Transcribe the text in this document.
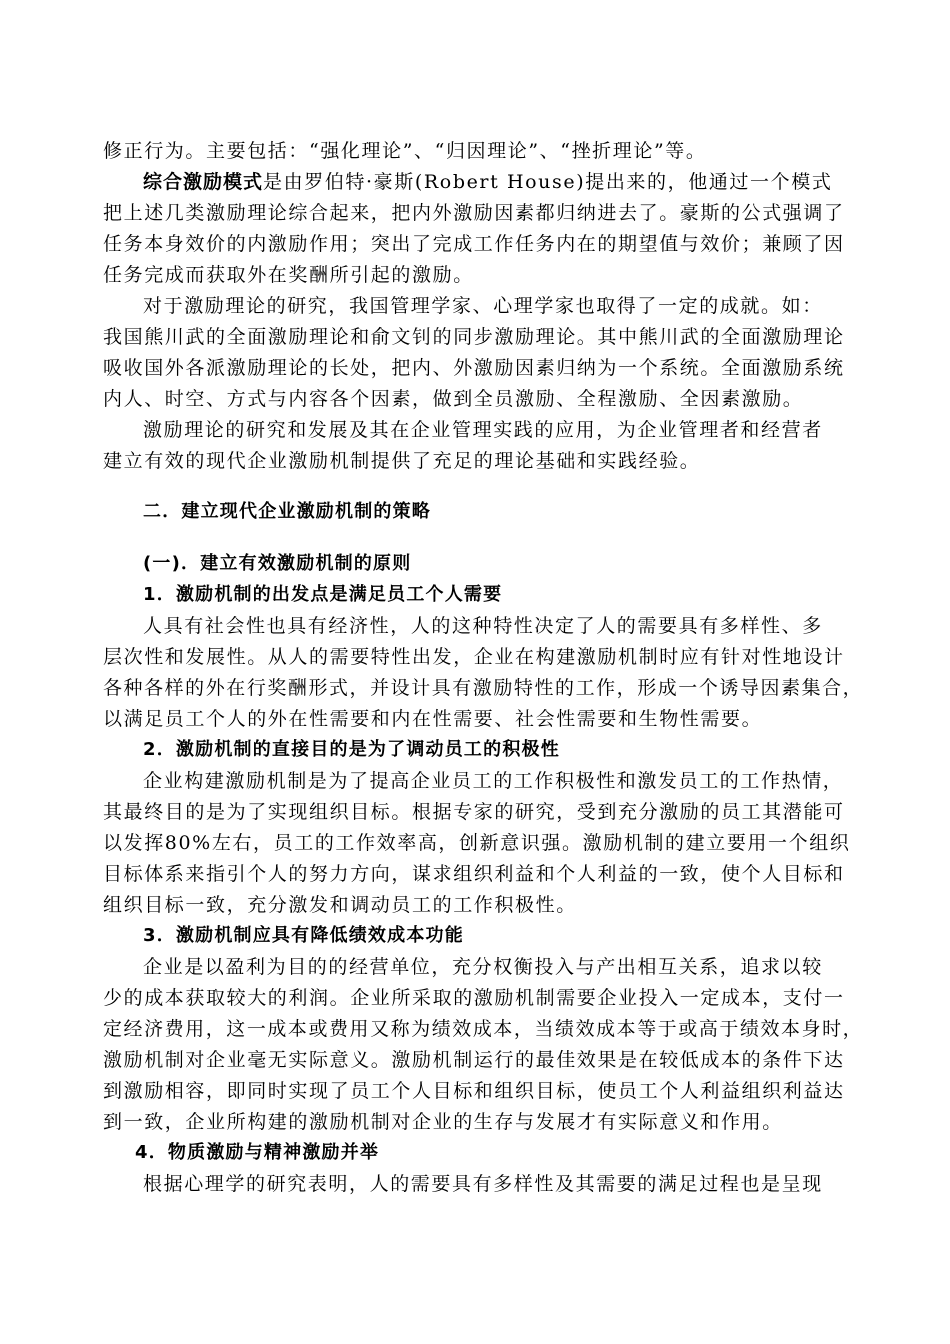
修正行为。主要包括：“强化理论”、“归因理论”、“挫折理论”等。
综合激励模式是由罗伯特·豪斯(Robert House)提出来的，他通过一个模式
把上述几类激励理论综合起来，把内外激励因素都归纳进去了。豪斯的公式强调了
任务本身效价的内激励作用；突出了完成工作任务内在的期望值与效价；兼顾了因
任务完成而获取外在奖酬所引起的激励。
对于激励理论的研究，我国管理学家、心理学家也取得了一定的成就。如：
我国熊川武的全面激励理论和俞文钊的同步激励理论。其中熊川武的全面激励理论
吸收国外各派激励理论的长处，把内、外激励因素归纳为一个系统。全面激励系统
内人、时空、方式与内容各个因素，做到全员激励、全程激励、全因素激励。
激励理论的研究和发展及其在企业管理实践的应用，为企业管理者和经营者
建立有效的现代企业激励机制提供了充足的理论基础和实践经验。
二．建立现代企业激励机制的策略
(一)．建立有效激励机制的原则
1．激励机制的出发点是满足员工个人需要
人具有社会性也具有经济性，人的这种特性决定了人的需要具有多样性、多
层次性和发展性。从人的需要特性出发，企业在构建激励机制时应有针对性地设计
各种各样的外在行奖酬形式，并设计具有激励特性的工作，形成一个诱导因素集合，
以满足员工个人的外在性需要和内在性需要、社会性需要和生物性需要。
2．激励机制的直接目的是为了调动员工的积极性
企业构建激励机制是为了提高企业员工的工作积极性和激发员工的工作热情，
其最终目的是为了实现组织目标。根据专家的研究，受到充分激励的员工其潜能可
以发挥80%左右，员工的工作效率高，创新意识强。激励机制的建立要用一个组织
目标体系来指引个人的努力方向，谋求组织利益和个人利益的一致，使个人目标和
组织目标一致，充分激发和调动员工的工作积极性。
3．激励机制应具有降低绩效成本功能
企业是以盈利为目的的经营单位，充分权衡投入与产出相互关系，追求以较
少的成本获取较大的利润。企业所采取的激励机制需要企业投入一定成本，支付一
定经济费用，这一成本或费用又称为绩效成本，当绩效成本等于或高于绩效本身时，
激励机制对企业毫无实际意义。激励机制运行的最佳效果是在较低成本的条件下达
到激励相容，即同时实现了员工个人目标和组织目标，使员工个人利益组织利益达
到一致，企业所构建的激励机制对企业的生存与发展才有实际意义和作用。
4．物质激励与精神激励并举
根据心理学的研究表明，人的需要具有多样性及其需要的满足过程也是呈现
